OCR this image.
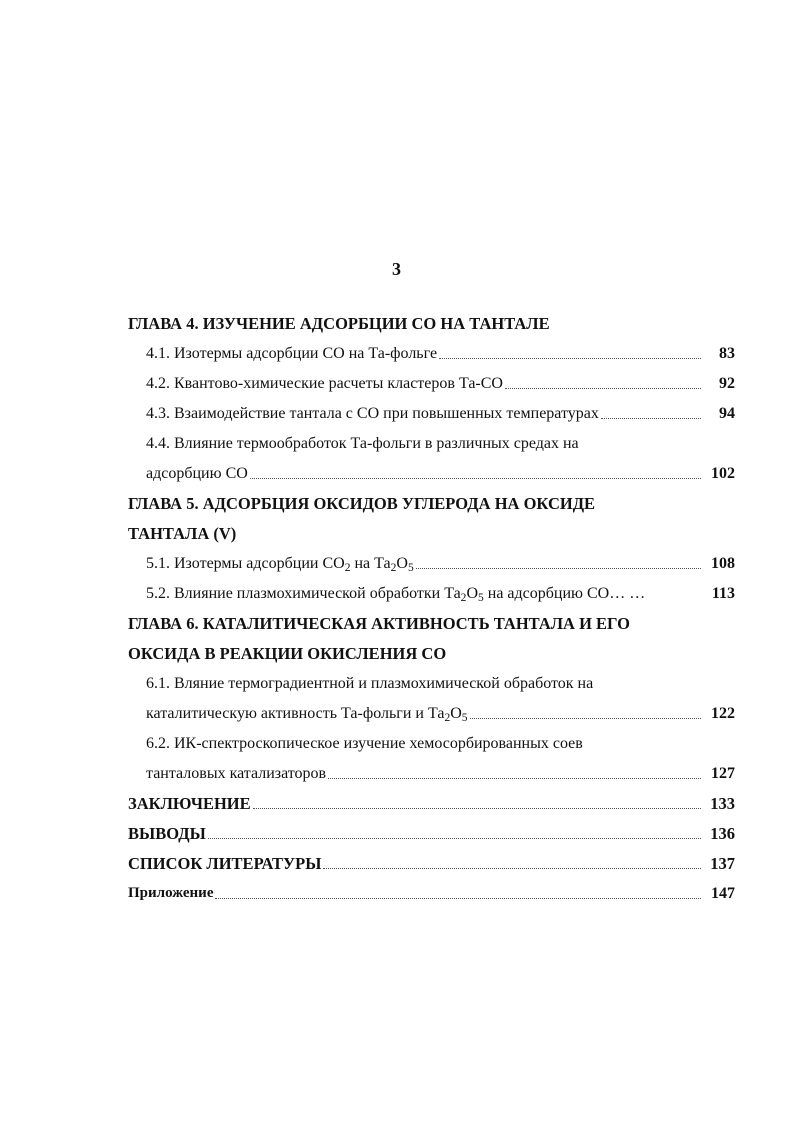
3
ГЛАВА 4. ИЗУЧЕНИЕ АДСОРБЦИИ СО НА ТАНТАЛЕ
4.1. Изотермы адсорбции СО на Та-фольге	83
4.2. Квантово-химические расчеты кластеров Та-СО	92
4.3. Взаимодействие тантала с СО при повышенных температурах	94
4.4. Влияние термообработок Та-фольги в различных средах на
адсорбцию СО	102
ГЛАВА 5. АДСОРБЦИЯ ОКСИДОВ УГЛЕРОДА НА ОКСИДЕ
ТАНТАЛА (V)
5.1. Изотермы адсорбции $СО_2$ на $Та_2О_5$	108
5.2. Влияние плазмохимической обработки $Та_2О_5$ на адсорбцию СО… …	113
ГЛАВА 6. КАТАЛИТИЧЕСКАЯ АКТИВНОСТЬ ТАНТАЛА И ЕГО
ОКСИДА В РЕАКЦИИ ОКИСЛЕНИЯ СО
6.1. Вляние термоградиентной и плазмохимической обработок на
каталитическую активность Та-фольги и $Та_2О_5$	122
6.2. ИК-спектроскопическое изучение хемосорбированных соев
танталовых катализаторов	127
ЗАКЛЮЧЕНИЕ	133
ВЫВОДЫ	136
СПИСОК ЛИТЕРАТУРЫ	137
Приложение	147
